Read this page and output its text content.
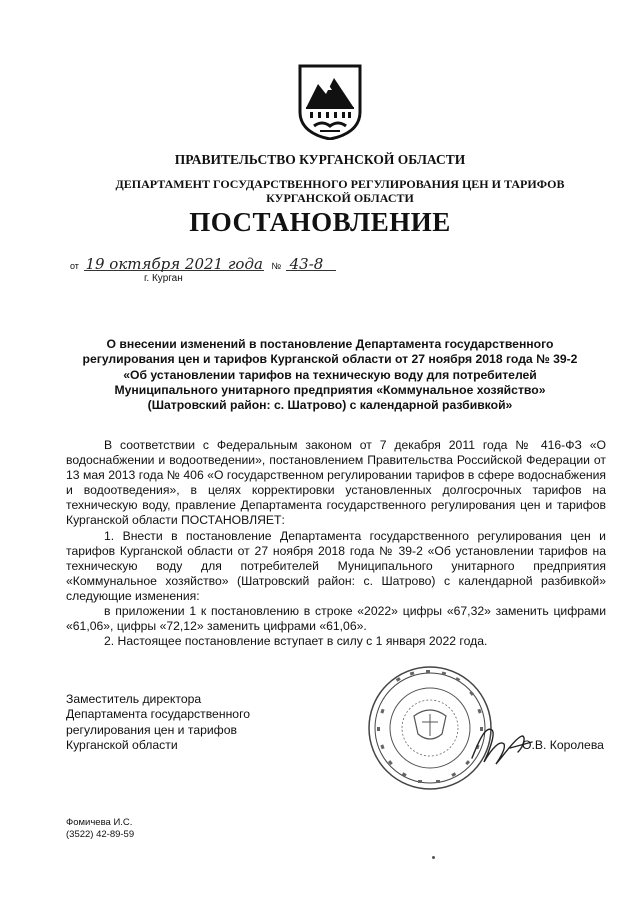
ПРАВИТЕЛЬСТВО КУРГАНСКОЙ ОБЛАСТИ
ДЕПАРТАМЕНТ ГОСУДАРСТВЕННОГО РЕГУЛИРОВАНИЯ ЦЕН И ТАРИФОВ КУРГАНСКОЙ ОБЛАСТИ
ПОСТАНОВЛЕНИЕ
от 19 октября 2021 года № 43-8
г. Курган
О внесении изменений в постановление Департамента государственного регулирования цен и тарифов Курганской области от 27 ноября 2018 года № 39-2 «Об установлении тарифов на техническую воду для потребителей Муниципального унитарного предприятия «Коммунальное хозяйство» (Шатровский район: с. Шатрово) с календарной разбивкой»

В соответствии с Федеральным законом от 7 декабря 2011 года № 416-ФЗ «О водоснабжении и водоотведении», постановлением Правительства Российской Федерации от 13 мая 2013 года № 406 «О государственном регулировании тарифов в сфере водоснабжения и водоотведения», в целях корректировки установленных долгосрочных тарифов на техническую воду, правление Департамента государственного регулирования цен и тарифов Курганской области ПОСТАНОВЛЯЕТ:

1. Внести в постановление Департамента государственного регулирования цен и тарифов Курганской области от 27 ноября 2018 года № 39-2 «Об установлении тарифов на техническую воду для потребителей Муниципального унитарного предприятия «Коммунальное хозяйство» (Шатровский район: с. Шатрово) с календарной разбивкой» следующие изменения:

в приложении 1 к постановлению в строке «2022» цифры «67,32» заменить цифрами «61,06», цифры «72,12» заменить цифрами «61,06».

2. Настоящее постановление вступает в силу с 1 января 2022 года.

Заместитель директора
Департамента государственного
регулирования цен и тарифов
Курганской области	О.В. Королева
Фомичева И.С.
(3522) 42-89-59
